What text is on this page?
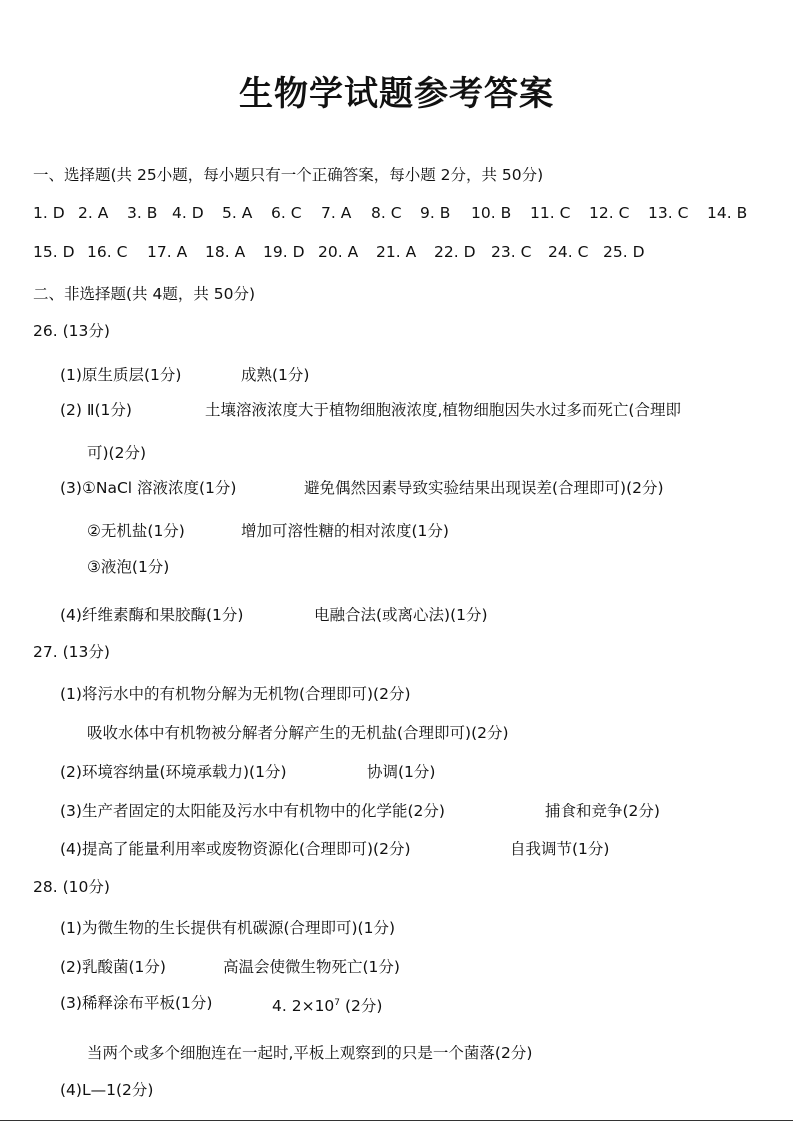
生物学试题参考答案
一、选择题(共 25小题，每小题只有一个正确答案，每小题 2分，共 50分)
1. D 2. A 3. B 4. D 5. A 6. C 7. A 8. C 9. B 10. B 11. C 12. C 13. C 14. B
15. D 16. C 17. A 18. A 19. D 20. A 21. A 22. D 23. C 24. C 25. D
二、非选择题(共 4题，共 50分)
26. (13分)
(1)原生质层(1分)	成熟(1分)
(2) Ⅱ(1分)	土壤溶液浓度大于植物细胞液浓度,植物细胞因失水过多而死亡(合理即
可)(2分)
(3)①NaCl 溶液浓度(1分)	避免偶然因素导致实验结果出现误差(合理即可)(2分)
②无机盐(1分)	增加可溶性糖的相对浓度(1分)
③液泡(1分)
(4)纤维素酶和果胶酶(1分)	电融合法(或离心法)(1分)
27. (13分)
(1)将污水中的有机物分解为无机物(合理即可)(2分)
吸收水体中有机物被分解者分解产生的无机盐(合理即可)(2分)
(2)环境容纳量(环境承载力)(1分)	协调(1分)
(3)生产者固定的太阳能及污水中有机物中的化学能(2分)	捕食和竞争(2分)
(4)提高了能量利用率或废物资源化(合理即可)(2分)	自我调节(1分)
28. (10分)
(1)为微生物的生长提供有机碳源(合理即可)(1分)
(2)乳酸菌(1分)	高温会使微生物死亡(1分)
(3)稀释涂布平板(1分)	4. $2\times 10^7$ (2分)
当两个或多个细胞连在一起时,平板上观察到的只是一个菌落(2分)
(4)L—1(2分)
